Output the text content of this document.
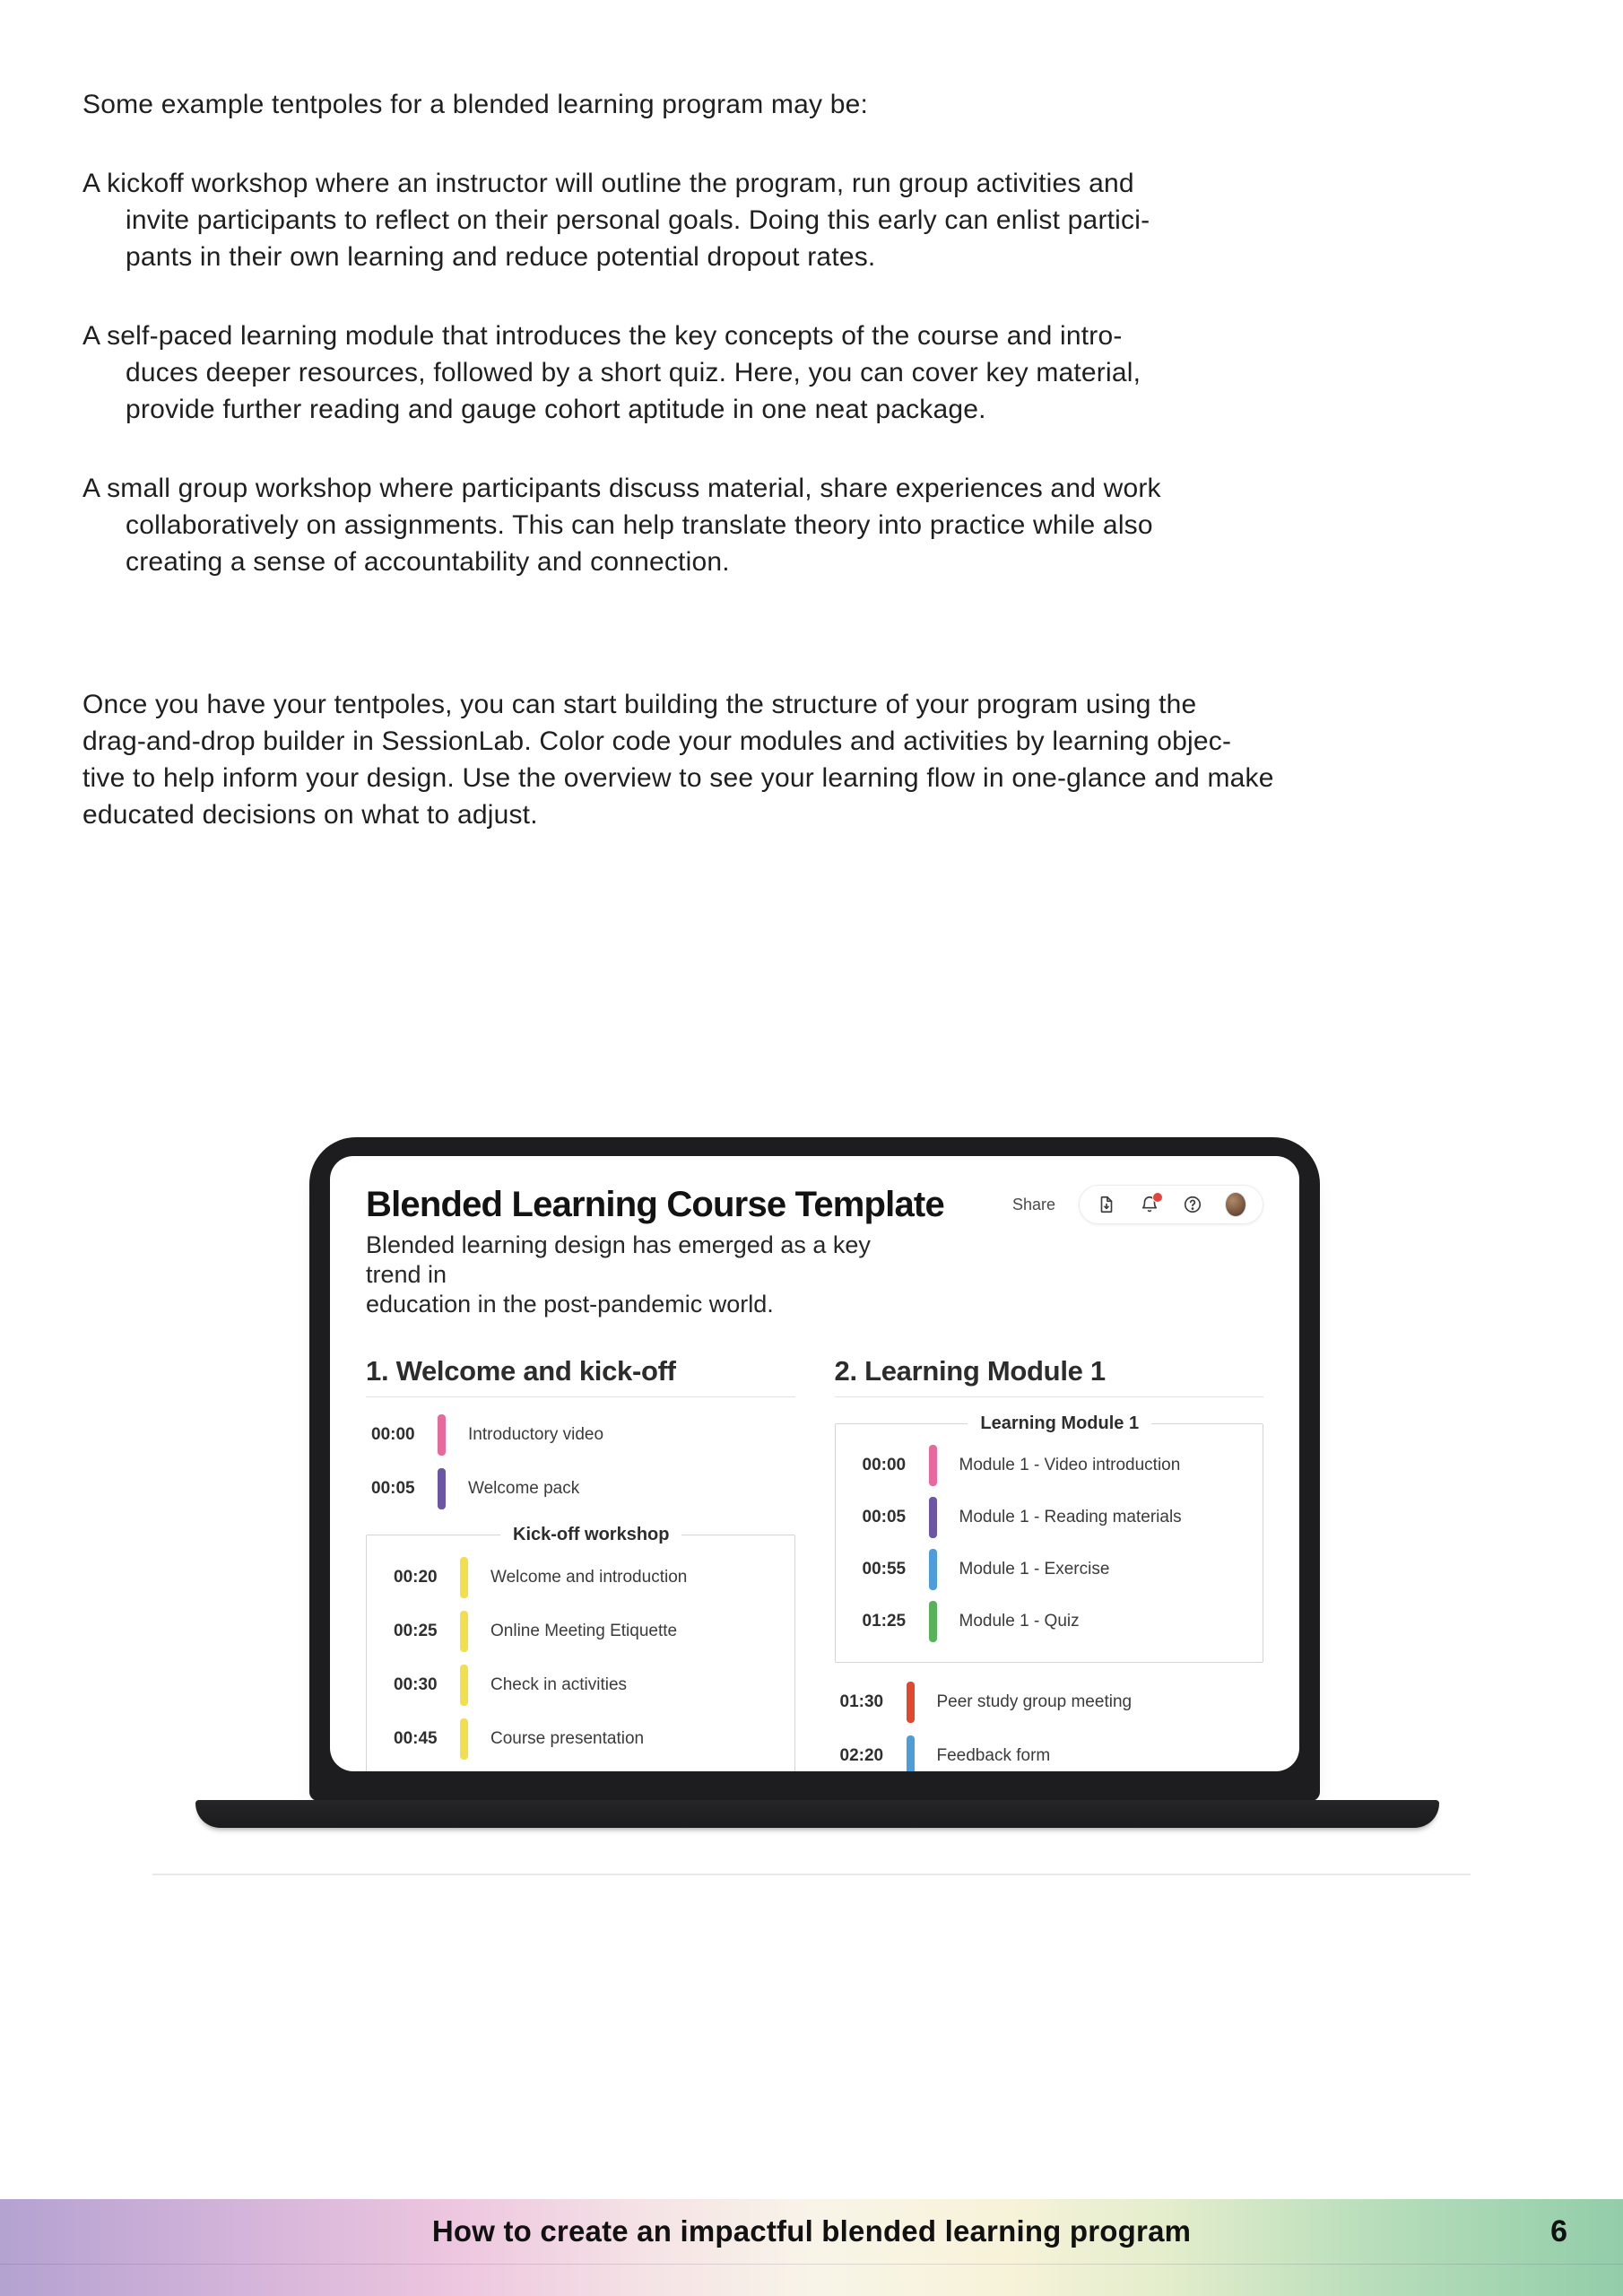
Some example tentpoles for a blended learning program may be:
A kickoff workshop where an instructor will outline the program, run group activities and
invite participants to reflect on their personal goals. Doing this early can enlist partici-
pants in their own learning and reduce potential dropout rates.
A self-paced learning module that introduces the key concepts of the course and intro-
duces deeper resources, followed by a short quiz. Here, you can cover key material,
provide further reading and gauge cohort aptitude in one neat package.
A small group workshop where participants discuss material, share experiences and work
collaboratively on assignments. This can help translate theory into practice while also
creating a sense of accountability and connection.
Once you have your tentpoles, you can start building the structure of your program using the
drag-and-drop builder in SessionLab. Color code your modules and activities by learning objec-
tive to help inform your design. Use the overview to see your learning flow in one-glance and make
educated decisions on what to adjust.
Blended Learning Course Template	Share
Blended learning design has emerged as a key trend in
education in the post-pandemic world.
1. Welcome and kick-off
00:00	Introductory video
00:05	Welcome pack
Kick-off workshop
00:20	Welcome and introduction
00:25	Online Meeting Etiquette
00:30	Check in activities
00:45	Course presentation
2. Learning Module 1
Learning Module 1
00:00	Module 1 - Video introduction
00:05	Module 1 - Reading materials
00:55	Module 1 - Exercise
01:25	Module 1 - Quiz
01:30	Peer study group meeting
02:20	Feedback form
How to create an impactful blended learning program	6
